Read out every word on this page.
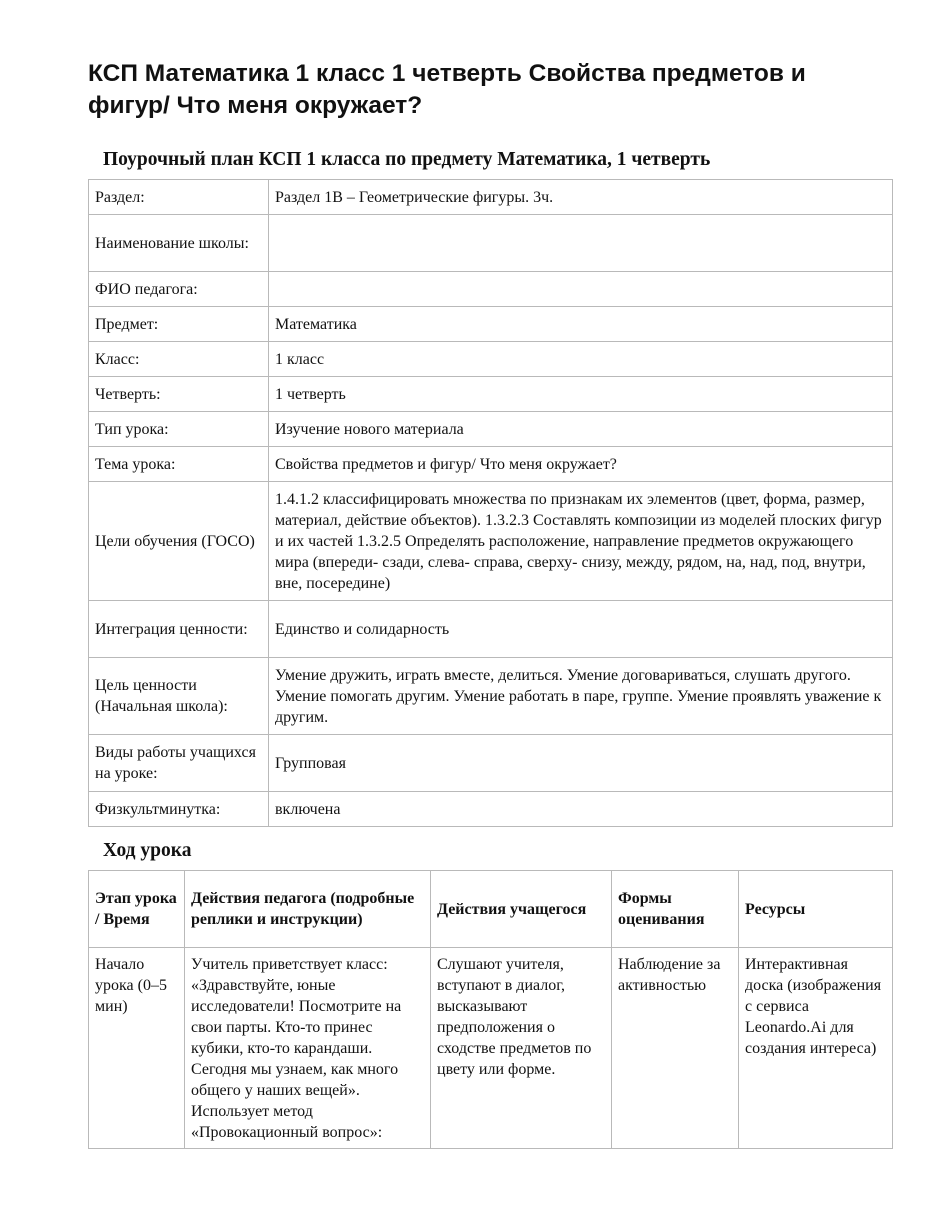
КСП Математика 1 класс 1 четверть Свойства предметов и фигур/ Что меня окружает?
Поурочный план КСП 1 класса по предмету Математика, 1 четверть
Раздел:	Раздел 1В – Геометрические фигуры. 3ч.
Наименование школы:	
ФИО педагога:	
Предмет:	Математика
Класс:	1 класс
Четверть:	1 четверть
Тип урока:	Изучение нового материала
Тема урока:	Свойства предметов и фигур/ Что меня окружает?
Цели обучения (ГОСО)	1.4.1.2 классифицировать множества по признакам их элементов (цвет, форма, размер, материал, действие объектов). 1.3.2.3 Составлять композиции из моделей плоских фигур и их частей 1.3.2.5 Определять расположение, направление предметов окружающего мира (впереди- сзади, слева- справа, сверху- снизу, между, рядом, на, над, под, внутри, вне, посередине)
Интеграция ценности:	Единство и солидарность
Цель ценности (Начальная школа):	Умение дружить, играть вместе, делиться. Умение договариваться, слушать другого. Умение помогать другим. Умение работать в паре, группе. Умение проявлять уважение к другим.
Виды работы учащихся на уроке:	Групповая
Физкультминутка:	включена
Ход урока
Этап урока / Время	Действия педагога (подробные реплики и инструкции)	Действия учащегося	Формы оценивания	Ресурсы
Начало урока (0–5 мин)	Учитель приветствует класс: «Здравствуйте, юные исследователи! Посмотрите на свои парты. Кто-то принес кубики, кто-то карандаши. Сегодня мы узнаем, как много общего у наших вещей». Использует метод «Провокационный вопрос»:	Слушают учителя, вступают в диалог, высказывают предположения о сходстве предметов по цвету или форме.	Наблюдение за активностью	Интерактивная доска (изображения с сервиса Leonardo.Ai для создания интереса)
